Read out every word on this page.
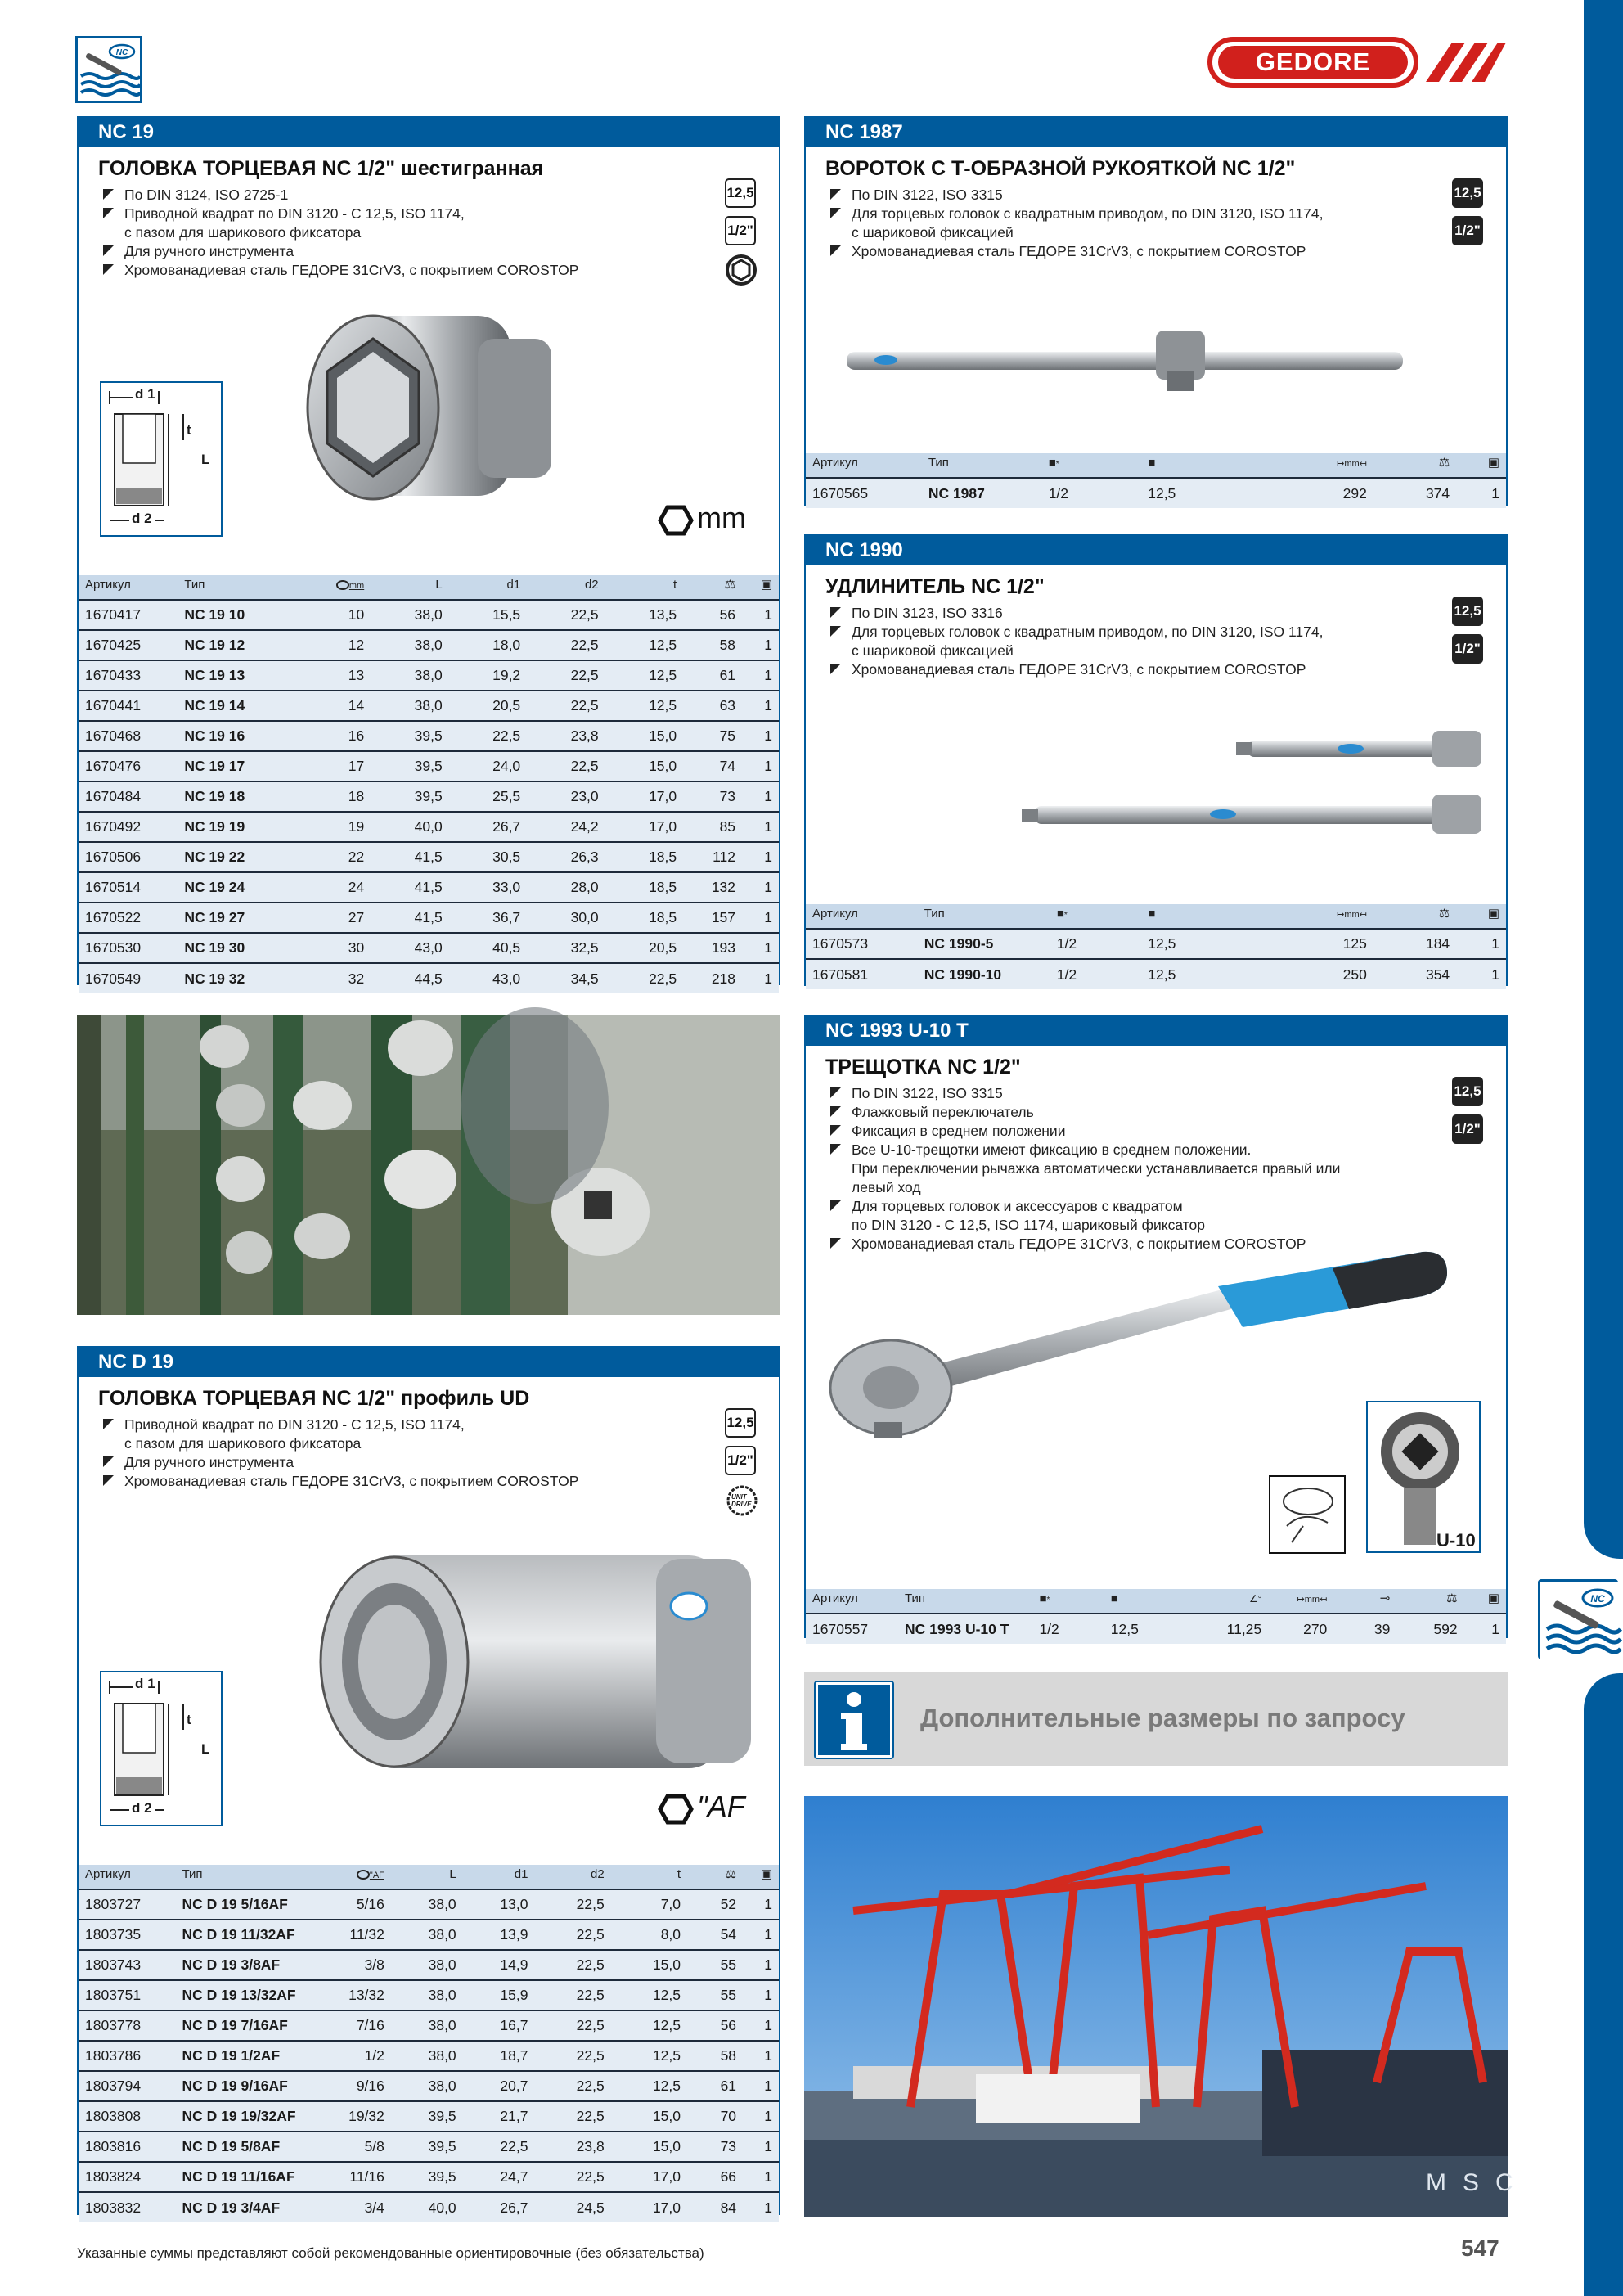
NC
NC	GEDORE
NC 19
ГОЛОВКА ТОРЦЕВАЯ NC 1/2" шестигранная
По DIN 3124, ISO 2725-1
Приводной квадрат по DIN 3120 - C 12,5, ISO 1174,
с пазом для шарикового фиксатора
Для ручного инструмента
Хромованадиевая сталь ГЕДОРЕ 31CrV3, с покрытием COROSTOP
12,5
1/2"
d 1
t
L
d 2	mm
Артикул	Тип	mm	L	d1	d2	t	⚖	▣

1670417	NC 19 10	10	38,0	15,5	22,5	13,5	56	1
1670425	NC 19 12	12	38,0	18,0	22,5	12,5	58	1
1670433	NC 19 13	13	38,0	19,2	22,5	12,5	61	1
1670441	NC 19 14	14	38,0	20,5	22,5	12,5	63	1
1670468	NC 19 16	16	39,5	22,5	23,8	15,0	75	1
1670476	NC 19 17	17	39,5	24,0	22,5	15,0	74	1
1670484	NC 19 18	18	39,5	25,5	23,0	17,0	73	1
1670492	NC 19 19	19	40,0	26,7	24,2	17,0	85	1
1670506	NC 19 22	22	41,5	30,5	26,3	18,5	112	1
1670514	NC 19 24	24	41,5	33,0	28,0	18,5	132	1
1670522	NC 19 27	27	41,5	36,7	30,0	18,5	157	1
1670530	NC 19 30	30	43,0	40,5	32,5	20,5	193	1
1670549	NC 19 32	32	44,5	43,0	34,5	22,5	218	1
NC D 19
ГОЛОВКА ТОРЦЕВАЯ NC 1/2" профиль UD
Приводной квадрат по DIN 3120 - C 12,5, ISO 1174,
с пазом для шарикового фиксатора
Для ручного инструмента
Хромованадиевая сталь ГЕДОРЕ 31CrV3, с покрытием COROSTOP
12,5
1/2"
UNIT DRIVE
d 1
t
L
d 2	"AF
Артикул	Тип	"AF	L	d1	d2	t	⚖	▣

1803727	NC D 19 5/16AF	5/16	38,0	13,0	22,5	7,0	52	1
1803735	NC D 19 11/32AF	11/32	38,0	13,9	22,5	8,0	54	1
1803743	NC D 19 3/8AF	3/8	38,0	14,9	22,5	15,0	55	1
1803751	NC D 19 13/32AF	13/32	38,0	15,9	22,5	12,5	55	1
1803778	NC D 19 7/16AF	7/16	38,0	16,7	22,5	12,5	56	1
1803786	NC D 19 1/2AF	1/2	38,0	18,7	22,5	12,5	58	1
1803794	NC D 19 9/16AF	9/16	38,0	20,7	22,5	12,5	61	1
1803808	NC D 19 19/32AF	19/32	39,5	21,7	22,5	15,0	70	1
1803816	NC D 19 5/8AF	5/8	39,5	22,5	23,8	15,0	73	1
1803824	NC D 19 11/16AF	11/16	39,5	24,7	22,5	17,0	66	1
1803832	NC D 19 3/4AF	3/4	40,0	26,7	24,5	17,0	84	1
NC 1987
ВОРОТОК С Т-ОБРАЗНОЙ РУКОЯТКОЙ NC 1/2"
По DIN 3122, ISO 3315
Для торцевых головок с квадратным приводом, по DIN 3120, ISO 1174,
с шариковой фиксацией
Хромованадиевая сталь ГЕДОРЕ 31CrV3, с покрытием COROSTOP
12,5
1/2"
Артикул	Тип	■*	■	↦mm↤	⚖	▣

1670565	NC 1987	1/2	12,5	292	374	1
NC 1990
УДЛИНИТЕЛЬ NC 1/2"
По DIN 3123, ISO 3316
Для торцевых головок с квадратным приводом, по DIN 3120, ISO 1174,
с шариковой фиксацией
Хромованадиевая сталь ГЕДОРЕ 31CrV3, с покрытием COROSTOP
12,5
1/2"
Артикул	Тип	■*	■	↦mm↤	⚖	▣

1670573	NC 1990-5	1/2	12,5	125	184	1
1670581	NC 1990-10	1/2	12,5	250	354	1
NC 1993 U-10 T
ТРЕЩОТКА NC 1/2"
По DIN 3122, ISO 3315
Флажковый переключатель
Фиксация в среднем положении
Все U-10-трещотки имеют фиксацию в среднем положении.
При переключении рычажка автоматически устанавливается правый или
левый ход
Для торцевых головок и аксессуаров с квадратом
по DIN 3120 - C 12,5, ISO 1174, шариковый фиксатор
Хромованадиевая сталь ГЕДОРЕ 31CrV3, с покрытием COROSTOP
12,5
1/2"
U-10
Артикул	Тип	■*	■	∠°	↦mm↤	⊸	⚖	▣

1670557	NC 1993 U-10 T	1/2	12,5	11,25	270	39	592	1
Дополнительные размеры по запросу
MSC
Указанные суммы представляют собой рекомендованные ориентировочные (без обязательства)	547
